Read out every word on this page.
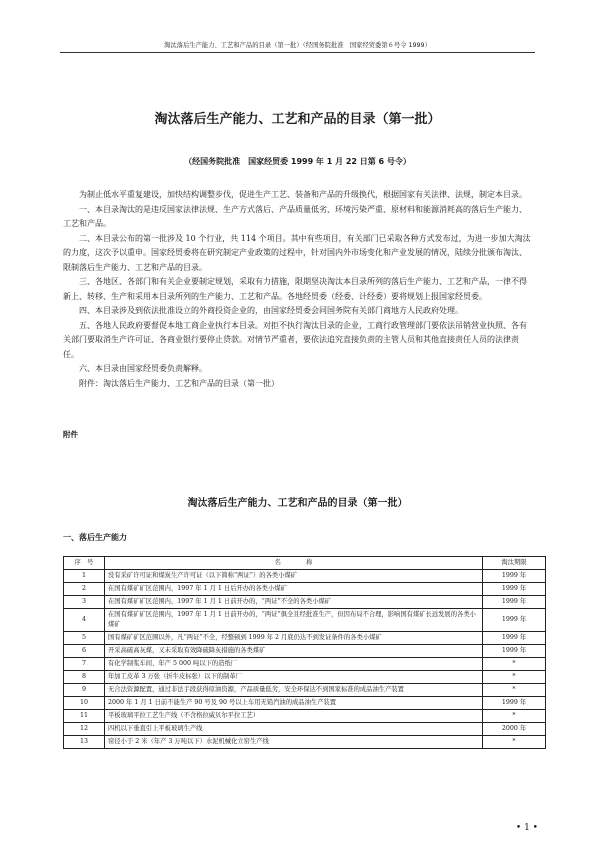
淘汰落后生产能力、工艺和产品的目录（第一批）（经国务院批准　国家经贸委第６号令 1999）
淘汰落后生产能力、工艺和产品的目录（第一批）
（经国务院批准　国家经贸委 1999 年 1 月 22 日第 6 号令）

为制止低水平重复建设，加快结构调整步伐，促进生产工艺、装备和产品的升级换代，根据国家有关法律、法规，制定本目录。

一、本目录淘汰的是违反国家法律法规、生产方式落后、产品质量低劣、环境污染严重、原材料和能源消耗高的落后生产能力、工艺和产品。

二、本目录公布的第一批涉及 10 个行业，共 114 个项目。其中有些项目，有关部门已采取各种方式发布过，为进一步加大淘汰的力度，这次予以重申。国家经贸委将在研究制定产业政策的过程中，针对国内外市场变化和产业发展的情况，陆续分批颁布淘汰、限制落后生产能力、工艺和产品的目录。

三、各地区、各部门和有关企业要制定规划，采取有力措施，限期坚决淘汰本目录所列的落后生产能力、工艺和产品，一律不得新上、转移、生产和采用本目录所列的生产能力、工艺和产品。各地经贸委（经委、计经委）要将规划上报国家经贸委。

四、本目录涉及到依法批准设立的外商投资企业的，由国家经贸委会同国务院有关部门商地方人民政府处理。

五、各地人民政府要督促本地工商企业执行本目录。对拒不执行淘汰目录的企业，工商行政管理部门要依法吊销营业执照、各有关部门要取消生产许可证、各商业银行要停止贷款。对情节严重者，要依法追究直接负责的主管人员和其他直接责任人员的法律责任。

六、本目录由国家经贸委负责解释。

附件：淘汰落后生产能力、工艺和产品的目录（第一批）

附件
淘汰落后生产能力、工艺和产品的目录（第一批）
一、落后生产能力
序　号	名　　　　称	淘汰期限
1	没有采矿许可证和煤炭生产许可证（以下简称“两证”）的各类小煤矿	1999 年
2	在国有煤矿矿区范围内，1997 年 1 月 1 日后开办的各类小煤矿	1999 年
3	在国有煤矿矿区范围内，1997 年 1 月 1 日前开办的，“两证”不全的各类小煤矿	1999 年
4	在国有煤矿矿区范围内，1997 年 1 月 1 日前开办的，“两证”俱全且经批准生产，但因布局不合理，影响国有煤矿长远发展的各类小煤矿	1999 年
5	国有煤矿矿区范围以外，凡“两证”不全，经整顿到 1999 年 2 月底仍达不到发证条件的各类小煤矿	1999 年
6	开采高硫高灰煤，又未采取有效降硫降灰措施的各类煤矿	1999 年
7	有化学制浆车间、年产 5 000 吨以下的造纸厂	*
8	年加工皮革 3 万张（折牛皮标张）以下的制革厂	*
9	无合法资源配置，通过非法手段获得原油资源，产品质量低劣，安全环保达不到国家标准的成品油生产装置	*
10	2000 年 1 月 1 日前不能生产 90 号及 90 号以上车用无铅汽油的成品油生产装置	1999 年
11	平板玻璃平拉工艺生产线（不含格拉威贝尔平拉工艺）	*
12	四机以下垂直引上平板玻璃生产线	2000 年
13	窑径小于 2 米（年产 3 万吨以下）水泥机械化立窑生产线	*
• 1 •
